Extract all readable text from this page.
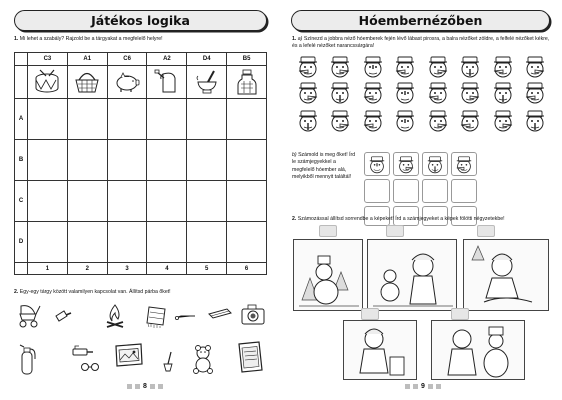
Játékos logika
1. Mi lehet a szabály? Rajzold be a tárgyakat a megfelelő helyre!
	C3	A1	C6	A2	D4	B5

A						
B						
C						
D						
	1	2	3	4	5	6
2. Egy-egy tárgy között valamilyen kapcsolat van. Állítsd párba őket!
8
Hóembernézőben
1. a) Színezd a jobbra néző hóemberek fején lévő lábast pirosra, a balra nézőket zöldre, a felfelé nézőket kékre, és a lefelé nézőket narancssárgára!
b) Számold is meg őket! Írd le számjegyekkel a megfelelő hóember alá, melyikből mennyit találtál!
2. Számozással állítsd sorrendbe a képeket! Írd a számjegyeket a képek fölötti négyzetekbe!
9
